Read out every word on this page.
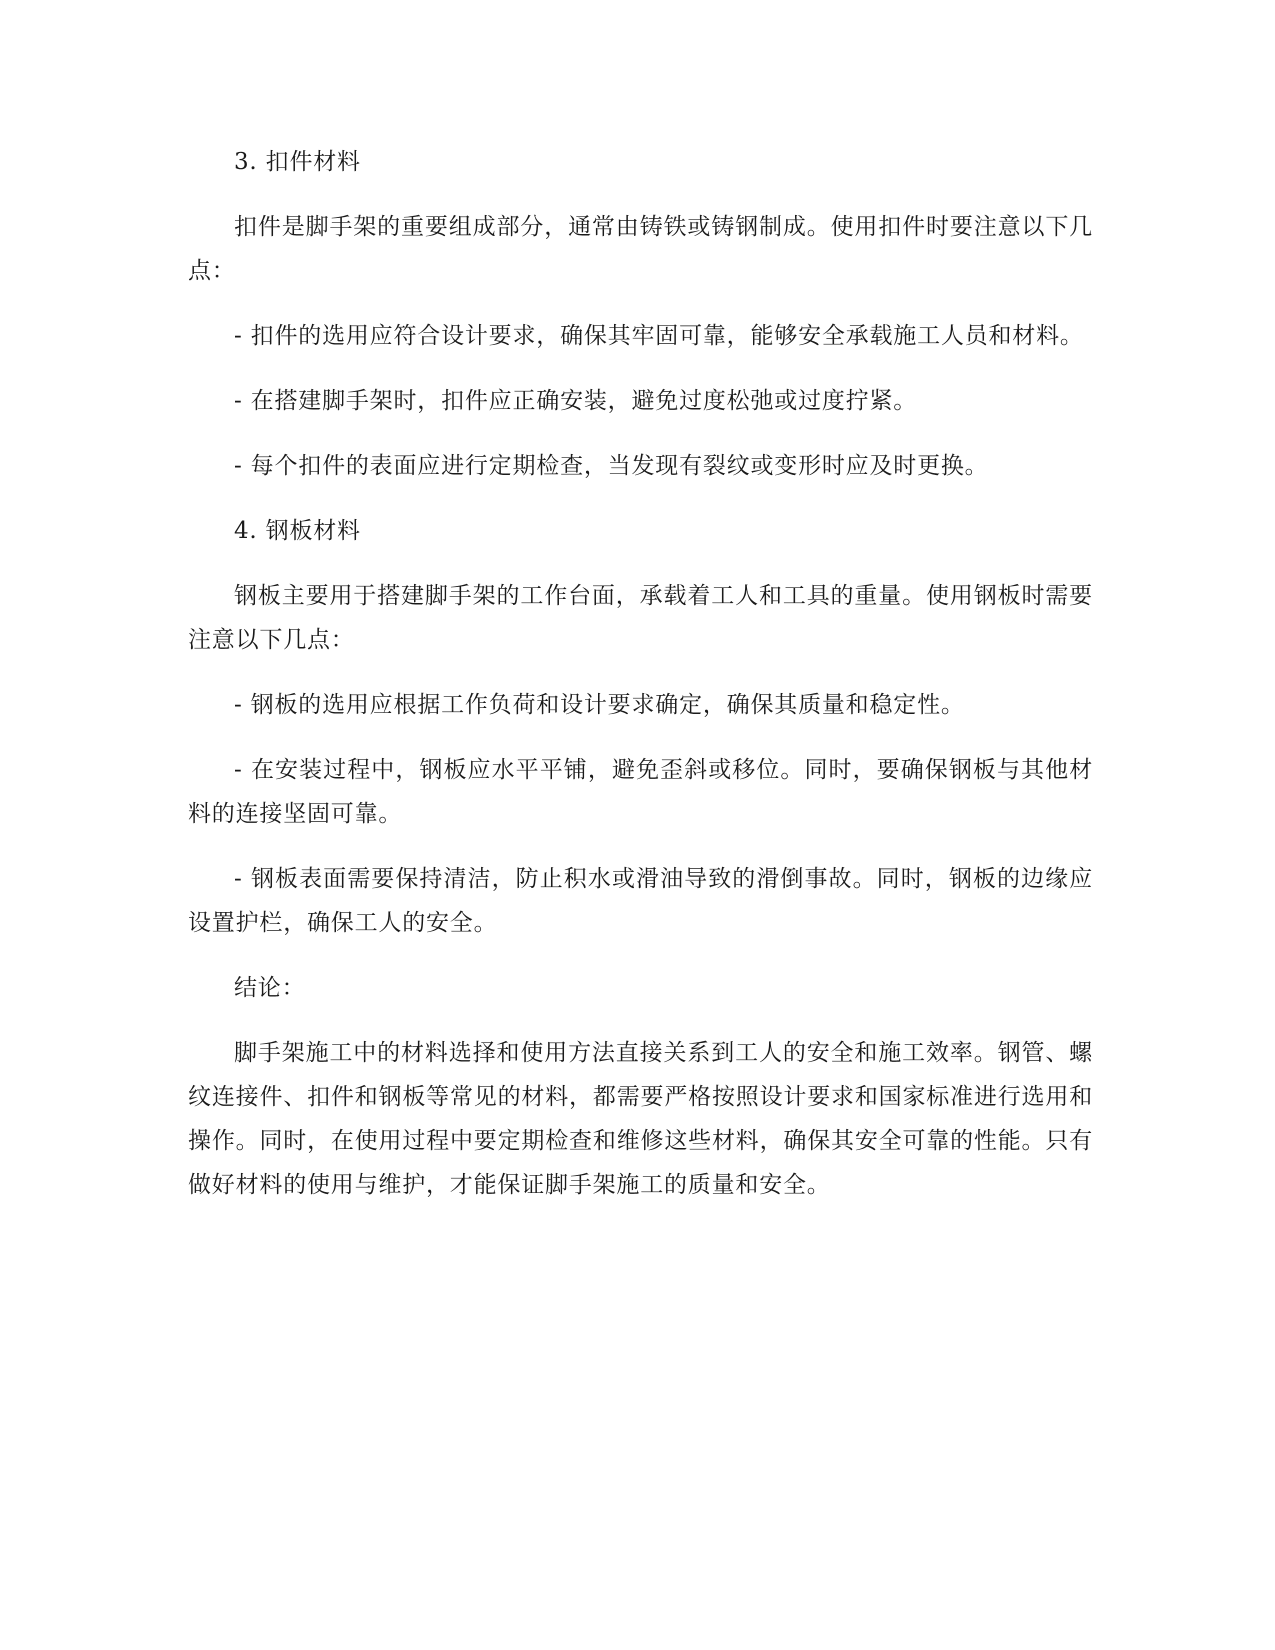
3. 扣件材料

扣件是脚手架的重要组成部分，通常由铸铁或铸钢制成。使用扣件时要注意以下几点：

- 扣件的选用应符合设计要求，确保其牢固可靠，能够安全承载施工人员和材料。

- 在搭建脚手架时，扣件应正确安装，避免过度松弛或过度拧紧。

- 每个扣件的表面应进行定期检查，当发现有裂纹或变形时应及时更换。

4. 钢板材料

钢板主要用于搭建脚手架的工作台面，承载着工人和工具的重量。使用钢板时需要注意以下几点：

- 钢板的选用应根据工作负荷和设计要求确定，确保其质量和稳定性。

- 在安装过程中，钢板应水平平铺，避免歪斜或移位。同时，要确保钢板与其他材料的连接坚固可靠。

- 钢板表面需要保持清洁，防止积水或滑油导致的滑倒事故。同时，钢板的边缘应设置护栏，确保工人的安全。

结论：

脚手架施工中的材料选择和使用方法直接关系到工人的安全和施工效率。钢管、螺纹连接件、扣件和钢板等常见的材料，都需要严格按照设计要求和国家标准进行选用和操作。同时，在使用过程中要定期检查和维修这些材料，确保其安全可靠的性能。只有做好材料的使用与维护，才能保证脚手架施工的质量和安全。
